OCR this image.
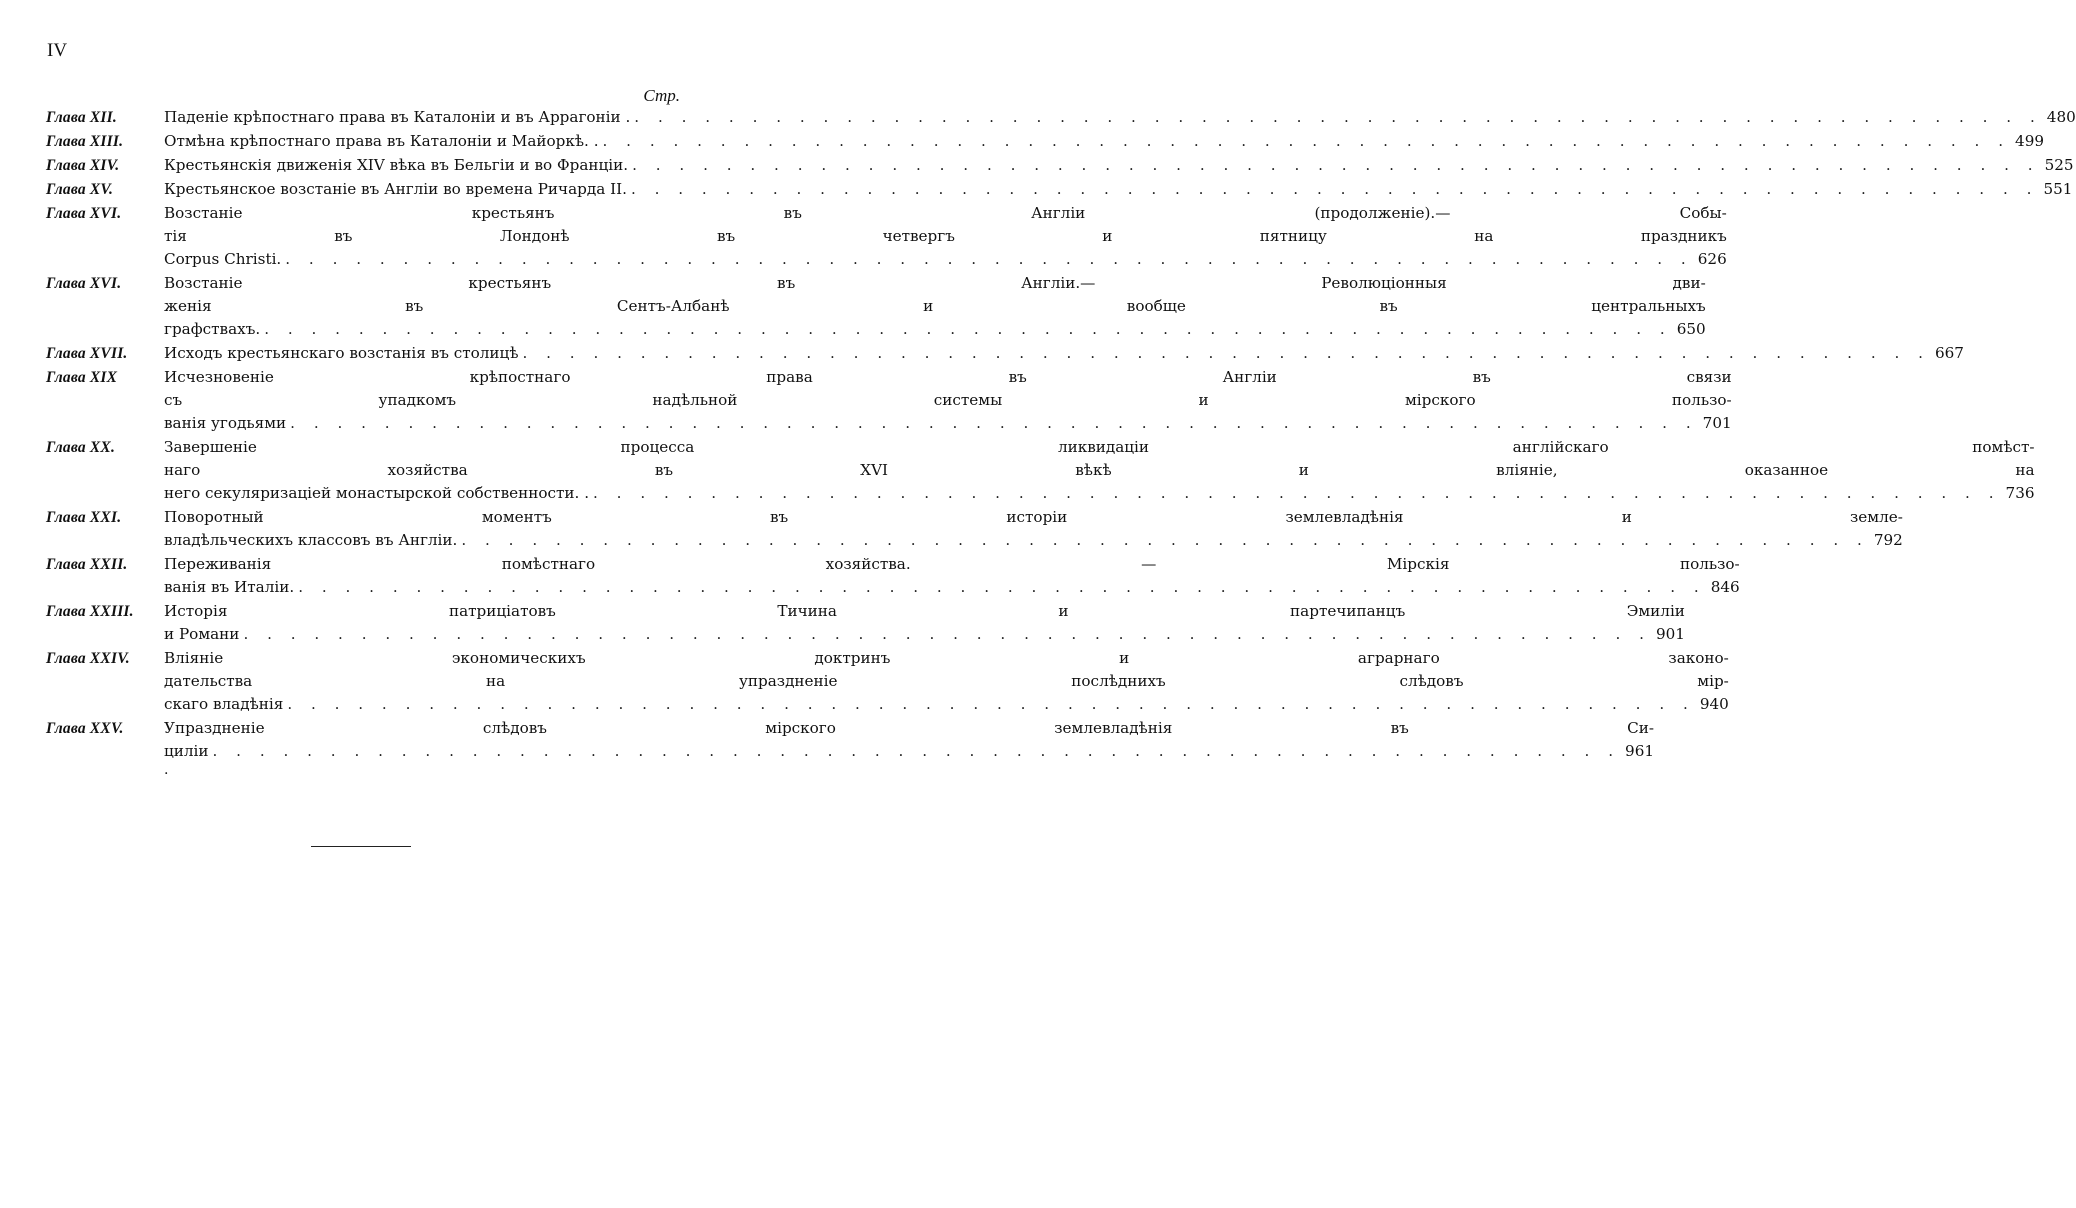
IV
Стр.
Глава XII.	Паденіе крѣпостнаго права въ Каталоніи и въ Аррагоніи . . . .	480
Глава XIII.	Отмѣна крѣпостнаго права въ Каталоніи и Майоркѣ. . . . .	499
Глава XIV.	Крестьянскія движенія XIV вѣка въ Бельгіи и во Франціи. . . .	525
Глава XV.	Крестьянское возстаніе въ Англіи во времена Ричарда II. . . .	551
Глава XVI.	Возстаніе крестьянъ въ Англіи (продолженіе).— Собы-
тія въ Лондонѣ въ четвергъ и пятницу на праздникъ
Corpus Christi. . . .	626
Глава XVI.	Возстаніе крестьянъ въ Англіи.— Революціонныя дви-
женія въ Сентъ-Албанѣ и вообще въ центральныхъ
графствахъ. . . .	650
Глава XVII.	Исходъ крестьянскаго возстанія въ столицѣ . . .	667
Глава XIX	Исчезновеніе крѣпостнаго права въ Англіи въ связи
съ упадкомъ надѣльной системы и мірского пользо-
ванія угодьями . . .	701
Глава XX.	Завершеніе процесса ликвидаціи англійскаго помѣст-
наго хозяйства въ XVI вѣкѣ и вліяніе, оказанное на
него секуляризаціей монастырской собственности. . . . .	736
Глава XXI.	Поворотный моментъ въ исторіи землевладѣнія и земле-
владѣльческихъ классовъ въ Англіи. . . .	792
Глава XXII.	Переживанія помѣстнаго хозяйства. — Мірскія пользо-
ванія въ Италіи. . . .	846
Глава XXIII.	Исторія патриціатовъ Тичина и партечипанцъ Эмиліи
и Романи . . .	901
Глава XXIV.	Вліяніе экономическихъ доктринъ и аграрнаго законо-
дательства на упраздненіе послѣднихъ слѣдовъ мір-
скаго владѣнія . . .	940
Глава XXV.	Упраздненіе слѣдовъ мірского землевладѣнія въ Си-
циліи . . .	961
.
